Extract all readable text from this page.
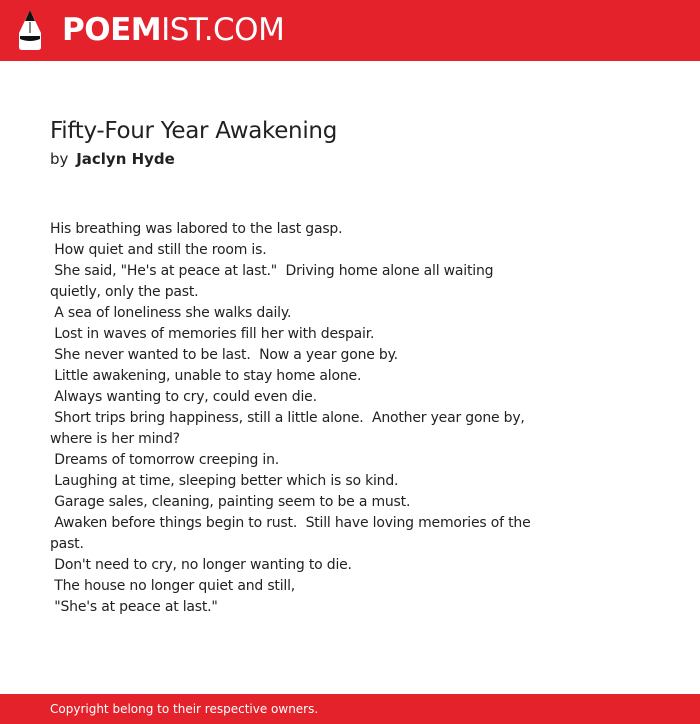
POEMIST.COM
Fifty-Four Year Awakening
by Jaclyn Hyde
His breathing was labored to the last gasp.
How quiet and still the room is.
She said, "He's at peace at last."  Driving home alone all waiting
quietly, only the past.
A sea of loneliness she walks daily.
Lost in waves of memories fill her with despair.
She never wanted to be last.  Now a year gone by.
Little awakening, unable to stay home alone.
Always wanting to cry, could even die.
Short trips bring happiness, still a little alone.  Another year gone by,
where is her mind?
Dreams of tomorrow creeping in.
Laughing at time, sleeping better which is so kind.
Garage sales, cleaning, painting seem to be a must.
Awaken before things begin to rust.  Still have loving memories of the
past.
Don't need to cry, no longer wanting to die.
The house no longer quiet and still,
"She's at peace at last."
Copyright belong to their respective owners.
